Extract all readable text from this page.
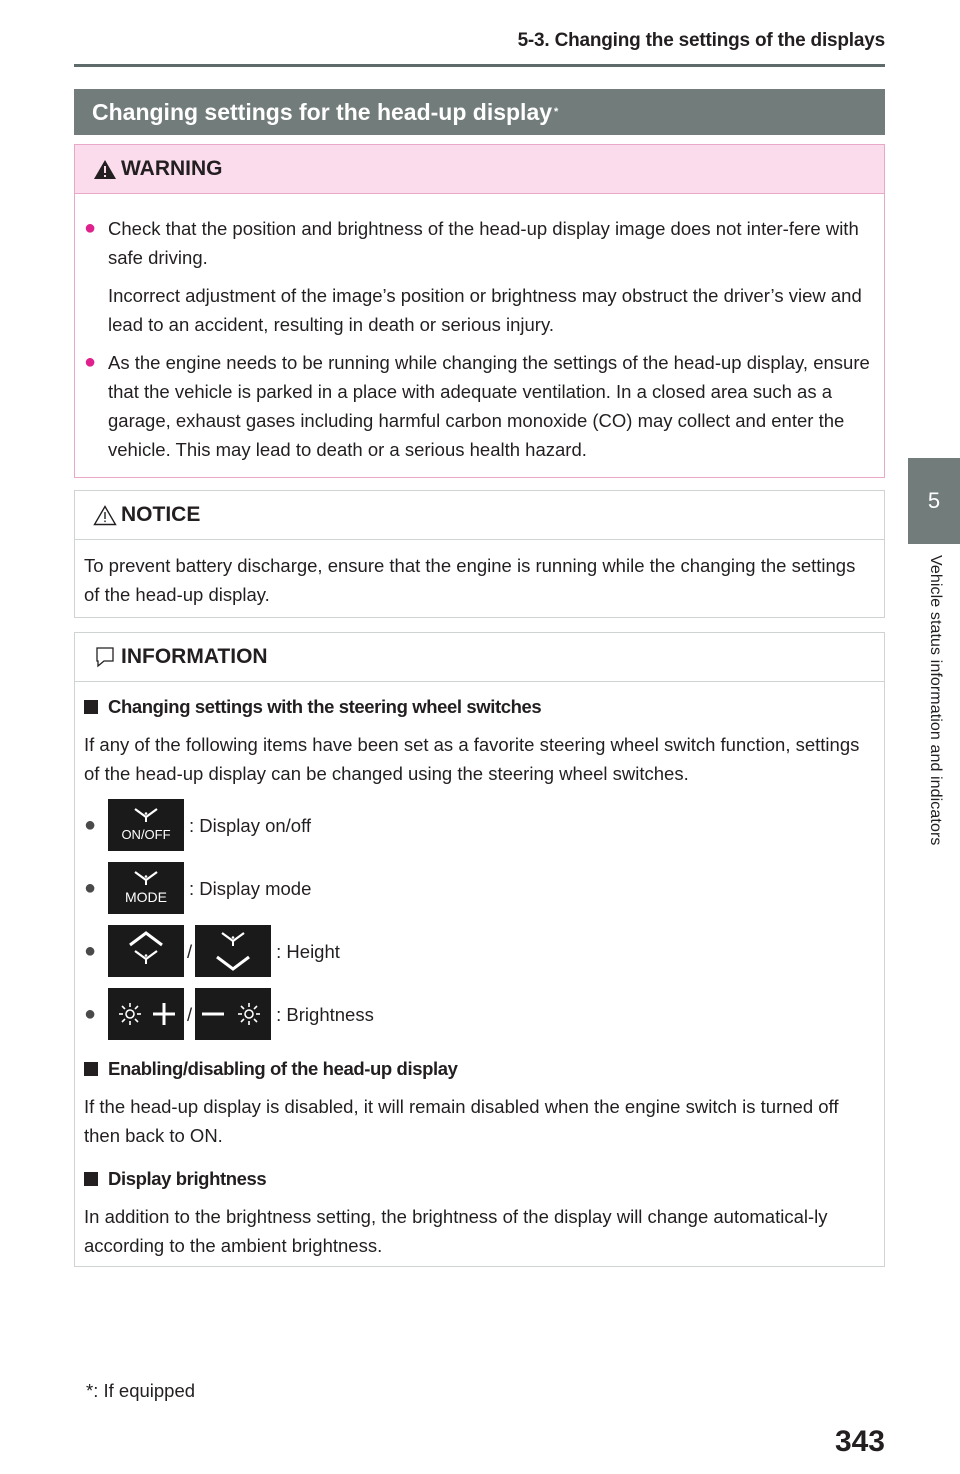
5-3. Changing the settings of the displays
5
Vehicle status information and indicators
Changing settings for the head-up display *
WARNING
● Check that the position and brightness of the head-up display image does not inter-fere with safe driving.
Incorrect adjustment of the image’s position or brightness may obstruct the driver’s view and lead to an accident, resulting in death or serious injury.
● As the engine needs to be running while changing the settings of the head-up display, ensure that the vehicle is parked in a place with adequate ventilation. In a closed area such as a garage, exhaust gases including harmful carbon monoxide (CO) may collect and enter the vehicle. This may lead to death or a serious health hazard.
NOTICE
To prevent battery discharge, ensure that the engine is running while the changing the settings of the head-up display.
INFORMATION
Changing settings with the steering wheel switches
If any of the following items have been set as a favorite steering wheel switch function, settings of the head-up display can be changed using the steering wheel switches.
●	ON/OFF : Display on/off
●	MODE : Display mode
●	/	: Height
●	/	: Brightness
Enabling/disabling of the head-up display
If the head-up display is disabled, it will remain disabled when the engine switch is turned off then back to ON.
Display brightness
In addition to the brightness setting, the brightness of the display will change automatical-ly according to the ambient brightness.
*: If equipped
343
